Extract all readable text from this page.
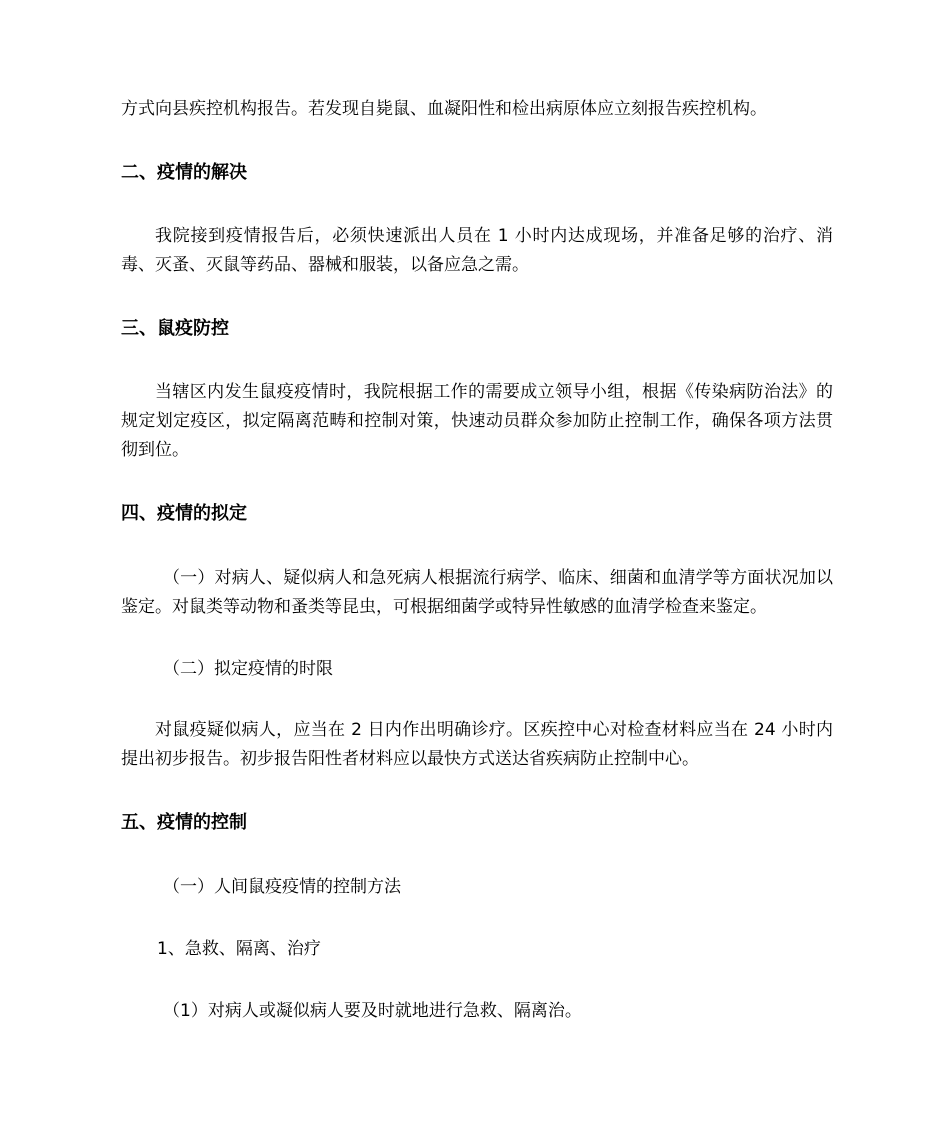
方式向县疾控机构报告。若发现自毙鼠、血凝阳性和检出病原体应立刻报告疾控机构。

二、疫情的解决

我院接到疫情报告后，必须快速派出人员在 1 小时内达成现场，并准备足够的治疗、消毒、灭蚤、灭鼠等药品、器械和服装，以备应急之需。

三、鼠疫防控

当辖区内发生鼠疫疫情时，我院根据工作的需要成立领导小组，根据《传染病防治法》的规定划定疫区，拟定隔离范畴和控制对策，快速动员群众参加防止控制工作，确保各项方法贯彻到位。

四、疫情的拟定

（一）对病人、疑似病人和急死病人根据流行病学、临床、细菌和血清学等方面状况加以鉴定。对鼠类等动物和蚤类等昆虫，可根据细菌学或特异性敏感的血清学检查来鉴定。

（二）拟定疫情的时限

对鼠疫疑似病人，应当在 2 日内作出明确诊疗。区疾控中心对检查材料应当在 24 小时内提出初步报告。初步报告阳性者材料应以最快方式送达省疾病防止控制中心。

五、疫情的控制

（一）人间鼠疫疫情的控制方法

1、急救、隔离、治疗

（1）对病人或凝似病人要及时就地进行急救、隔离治。
